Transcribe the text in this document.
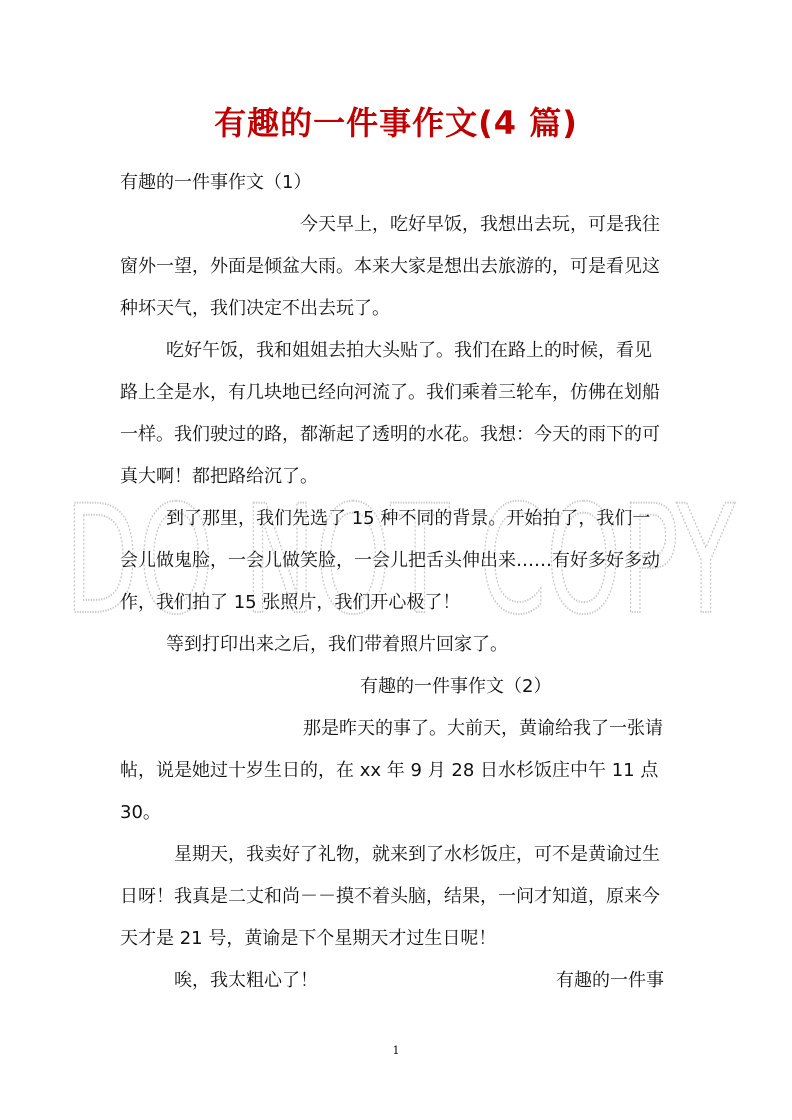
DO NOT COPY
有趣的一件事作文(4 篇)
有趣的一件事作文（1）
今天早上，吃好早饭，我想出去玩，可是我往
窗外一望，外面是倾盆大雨。本来大家是想出去旅游的，可是看见这
种坏天气，我们决定不出去玩了。
吃好午饭，我和姐姐去拍大头贴了。我们在路上的时候，看见
路上全是水，有几块地已经向河流了。我们乘着三轮车，仿佛在划船
一样。我们驶过的路，都渐起了透明的水花。我想：今天的雨下的可
真大啊！都把路给沉了。
到了那里，我们先选了 15 种不同的背景。开始拍了，我们一
会儿做鬼脸，一会儿做笑脸，一会儿把舌头伸出来……有好多好多动
作，我们拍了 15 张照片，我们开心极了！
等到打印出来之后，我们带着照片回家了。
有趣的一件事作文（2）
那是昨天的事了。大前天，黄谕给我了一张请
帖，说是她过十岁生日的，在 xx 年 9 月 28 日水杉饭庄中午 11 点
30。
星期天，我卖好了礼物，就来到了水杉饭庄，可不是黄谕过生
日呀！我真是二丈和尚－－摸不着头脑，结果，一问才知道，原来今
天才是 21 号，黄谕是下个星期天才过生日呢！
唉，我太粗心了！	有趣的一件事
1
